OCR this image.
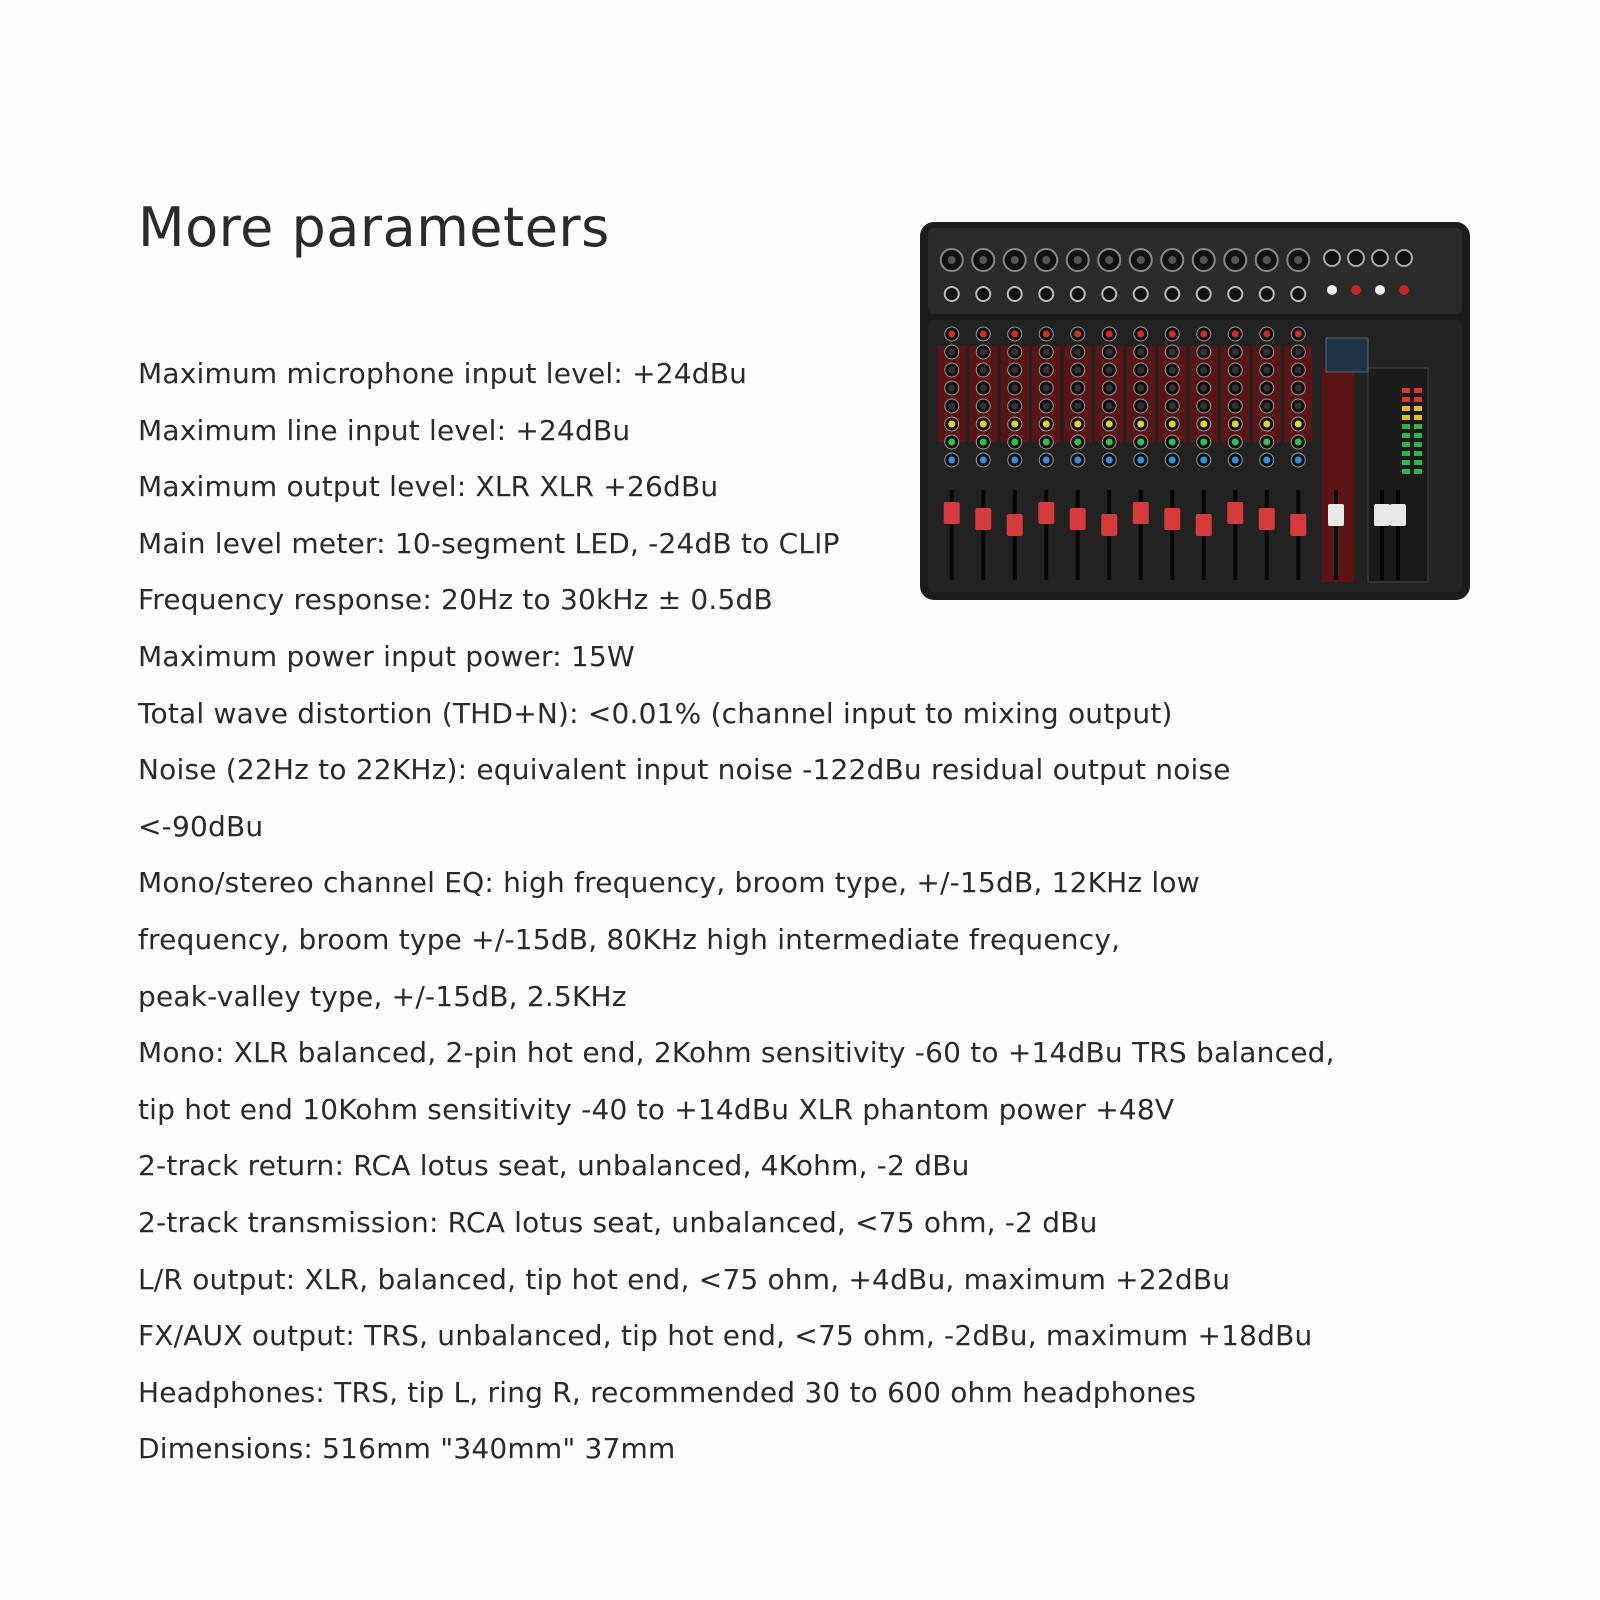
More parameters
Maximum microphone input level: +24dBu
Maximum line input level: +24dBu
Maximum output level: XLR XLR +26dBu
Main level meter: 10-segment LED, -24dB to CLIP
Frequency response: 20Hz to 30kHz ± 0.5dB
Maximum power input power: 15W
Total wave distortion (THD+N): <0.01% (channel input to mixing output)
Noise (22Hz to 22KHz): equivalent input noise -122dBu residual output noise
<-90dBu
Mono/stereo channel EQ: high frequency, broom type, +/-15dB, 12KHz low
frequency, broom type +/-15dB, 80KHz high intermediate frequency,
peak-valley type, +/-15dB, 2.5KHz
Mono: XLR balanced, 2-pin hot end, 2Kohm sensitivity -60 to +14dBu TRS balanced,
tip hot end 10Kohm sensitivity -40 to +14dBu XLR phantom power +48V
2-track return: RCA lotus seat, unbalanced, 4Kohm, -2 dBu
2-track transmission: RCA lotus seat, unbalanced, <75 ohm, -2 dBu
L/R output: XLR, balanced, tip hot end, <75 ohm, +4dBu, maximum +22dBu
FX/AUX output: TRS, unbalanced, tip hot end, <75 ohm, -2dBu, maximum +18dBu
Headphones: TRS, tip L, ring R, recommended 30 to 600 ohm headphones
Dimensions: 516mm "340mm" 37mm
